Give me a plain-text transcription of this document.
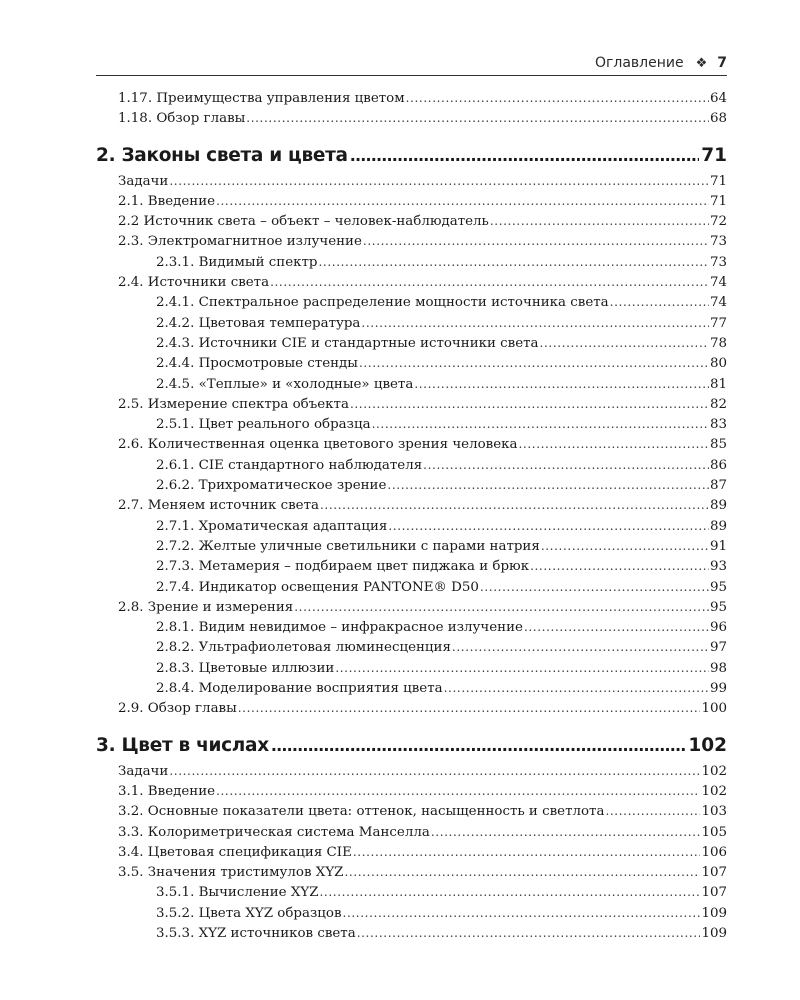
Оглавление ❖ 7
1.17. Преимущества управления цветом . . .	64
1.18. Обзор главы . . .	68
2. Законы света и цвета . . .	71
Задачи . . .	71
2.1. Введение . . .	71
2.2 Источник света – объект – человек-наблюдатель . . .	72
2.3. Электромагнитное излучение . . .	73
2.3.1. Видимый спектр . . .	73
2.4. Источники света . . .	74
2.4.1. Спектральное распределение мощности источника света . . .	74
2.4.2. Цветовая температура . . .	77
2.4.3. Источники CIE и стандартные источники света . . .	78
2.4.4. Просмотровые стенды . . .	80
2.4.5. «Теплые» и «холодные» цвета . . .	81
2.5. Измерение спектра объекта . . .	82
2.5.1. Цвет реального образца . . .	83
2.6. Количественная оценка цветового зрения человека . . .	85
2.6.1. CIE стандартного наблюдателя . . .	86
2.6.2. Трихроматическое зрение . . .	87
2.7. Меняем источник света . . .	89
2.7.1. Хроматическая адаптация . . .	89
2.7.2. Желтые уличные светильники с парами натрия . . .	91
2.7.3. Метамерия – подбираем цвет пиджака и брюк . . .	93
2.7.4. Индикатор освещения PANTONE® D50 . . .	95
2.8. Зрение и измерения . . .	95
2.8.1. Видим невидимое – инфракрасное излучение . . .	96
2.8.2. Ультрафиолетовая люминесценция . . .	97
2.8.3. Цветовые иллюзии . . .	98
2.8.4. Моделирование восприятия цвета . . .	99
2.9. Обзор главы . . .	100
3. Цвет в числах . . .	102
Задачи . . .	102
3.1. Введение . . .	102
3.2. Основные показатели цвета: оттенок, насыщенность и светлота . . .	103
3.3. Колориметрическая система Манселла . . .	105
3.4. Цветовая спецификация CIE . . .	106
3.5. Значения тристимулов XYZ . . .	107
3.5.1. Вычисление XYZ . . .	107
3.5.2. Цвета XYZ образцов . . .	109
3.5.3. XYZ источников света . . .	109
